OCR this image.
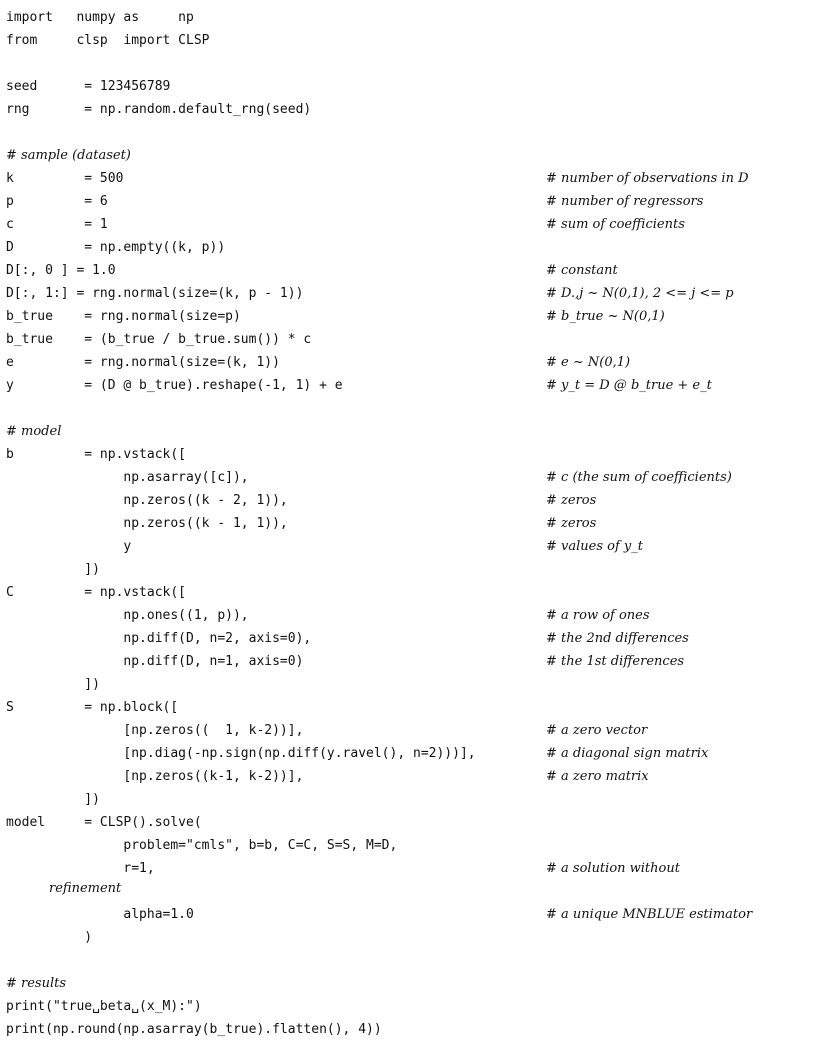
import   numpy as     np
from     clsp  import CLSP
seed      = 123456789
rng       = np.random.default_rng(seed)
# sample (dataset)
k         = 500	# number of observations in D
p         = 6	# number of regressors
c         = 1	# sum of coefficients
D         = np.empty((k, p))
D[:, 0 ] = 1.0	# constant
D[:, 1:] = rng.normal(size=(k, p - 1))	# D.,j ~ N(0,1), 2 <= j <= p
b_true    = rng.normal(size=p)	# b_true ~ N(0,1)
b_true    = (b_true / b_true.sum()) * c
e         = rng.normal(size=(k, 1))	# e ~ N(0,1)
y         = (D @ b_true).reshape(-1, 1) + e	# y_t = D @ b_true + e_t
# model
b         = np.vstack([
np.asarray([c]),	# c (the sum of coefficients)
np.zeros((k - 2, 1)),	# zeros
np.zeros((k - 1, 1)),	# zeros
y	# values of y_t
])
C         = np.vstack([
np.ones((1, p)),	# a row of ones
np.diff(D, n=2, axis=0),	# the 2nd differences
np.diff(D, n=1, axis=0)	# the 1st differences
])
S         = np.block([
[np.zeros((  1, k-2))],	# a zero vector
[np.diag(-np.sign(np.diff(y.ravel(), n=2)))],	# a diagonal sign matrix
[np.zeros((k-1, k-2))],	# a zero matrix
])
model     = CLSP().solve(
problem="cmls", b=b, C=C, S=S, M=D,
r=1,	# a solution without
refinement
alpha=1.0	# a unique MNBLUE estimator
)
# results
print("true␣beta␣(x_M):")
print(np.round(np.asarray(b_true).flatten(), 4))
